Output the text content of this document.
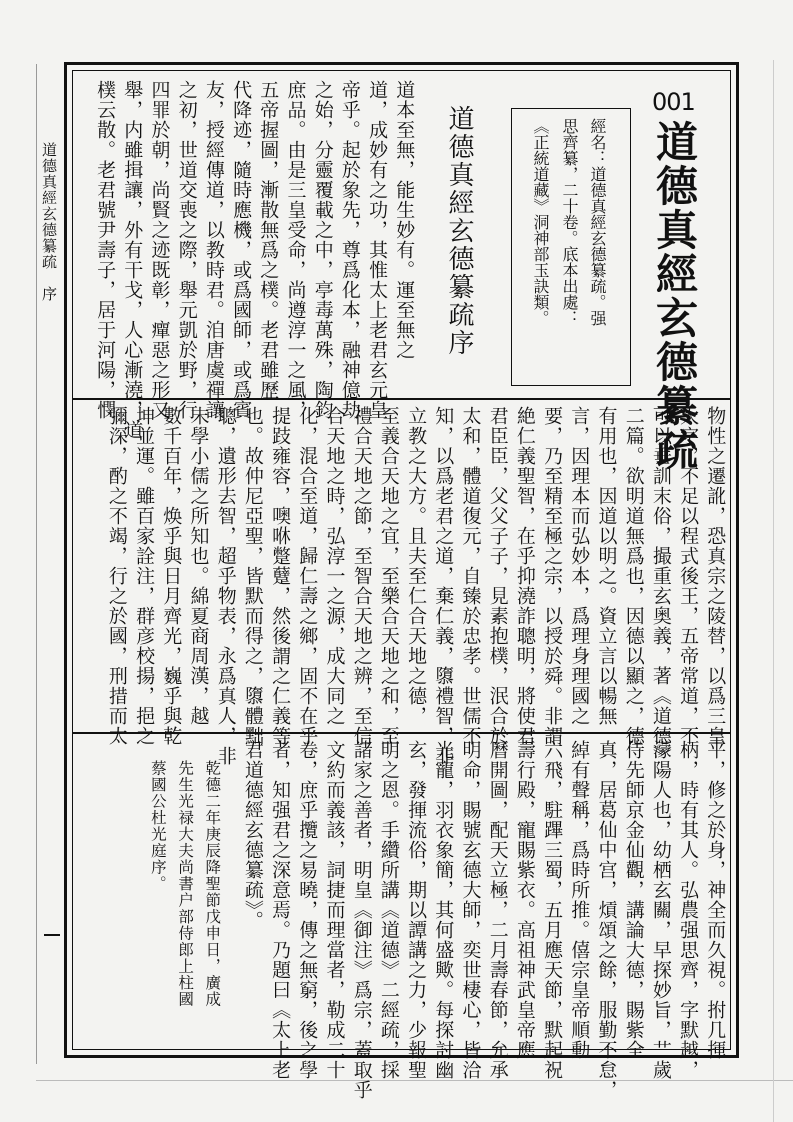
道德真經玄德纂疏　序
001
道德真經玄德纂疏
經名：道德真經玄德纂疏。强
思齊纂，二十卷。底本出處：
《正統道藏》洞神部玉訣類。
道德真經玄德纂疏序
道本至無，能生妙有。運至無之
道，成妙有之功，其惟太上老君玄元皇
帝乎。起於象先，尊爲化本，融神億劫
之始，分靈覆載之中，亭毒萬殊，陶鈞
庶品。由是三皇受命，尚遵淳一之風，
五帝握圖，漸散無爲之樸。老君雖歷
代降迹，隨時應機，或爲國師，或爲賓
友，授經傳道，以教時君。洎唐虞禪讓
之初，世道交喪之際，舉元凱於野，行
四罪於朝，尚賢之迹既彰，癉惡之形又
舉，内雖揖讓，外有干戈，人心漸澆，道
樸云散。老君號尹壽子，居于河陽，憫
物性之遷訛，恐真宗之陵替，以爲三皇
大字，不足以程式後王，五帝常道，不
可以垂訓末俗，撮重玄奥義，著《道德》
二篇。欲明道無爲也，因德以顯之，德
有用也，因道以明之。資立言以暢無
言，因理本而弘妙本，爲理身理國之
要，乃至精至極之宗，以授於舜。非謂
絶仁義聖智，在乎抑澆詐聰明，將使君
君臣臣，父父子子，見素抱樸，泯合於
太和，體道復元，自臻於忠孝。世儒不
知，以爲老君之道，棄仁義，隳禮智，非
立教之大方。且夫至仁合天地之德，
至義合天地之宜，至樂合天地之和，至
禮合天地之節，至智合天地之辨，至信
合天地之時，弘淳一之源，成大同之
化，混合至道，歸仁壽之鄉，固不在乎
提跂雍容，噢咻蹩躠，然後謂之仁義等
也。故仲尼亞聖，皆默而得之，隳體黜
聰，遺形去智，超乎物表，永爲真人，非
末學小儒之所知也。綿夏商周漢，越
數千百年，焕乎與日月齊光，巍乎與乾
坤並運。雖百家詮注，群彦校揚，挹之
彌深，酌之不竭，行之於國，刑措而太
平，修之於身，神全而久視。拊几揮
柄，時有其人。弘農强思齊，字默越，
濛陽人也，幼栖玄關，早探妙旨，艹歲
侍先師京金仙觀，講論大德，賜紫全
真，居葛仙中宫，熕頌之餘，服勤不怠，
綽有聲稱，爲時所推。僖宗皇帝順動
六飛，駐蹕三蜀，五月應天節，默起祝
壽行殿，寵賜紫衣。高祖神武皇帝應
曆開圖，配天立極，二月壽春節，允承
明命，賜號玄德大師，奕世棲心，皆洽
光寵，羽衣象簡，其何盛歟。每探討幽
玄，發揮流俗，期以譚講之力，少報聖
明之恩。手纘所講《道德》二經疏，採
諸家之善者，明皇《御注》爲宗，蓋取乎
文約而義該，詞捷而理當者，勒成二十
卷，庶乎攬之易曉，傳之無窮，後之學
者，知强君之深意焉。乃題曰《太上老
君道德經玄德纂疏》。
乾德二年庚辰降聖節戊申日，廣成
先生光禄大夫尚書户部侍郎上柱國
蔡國公杜光庭序。
